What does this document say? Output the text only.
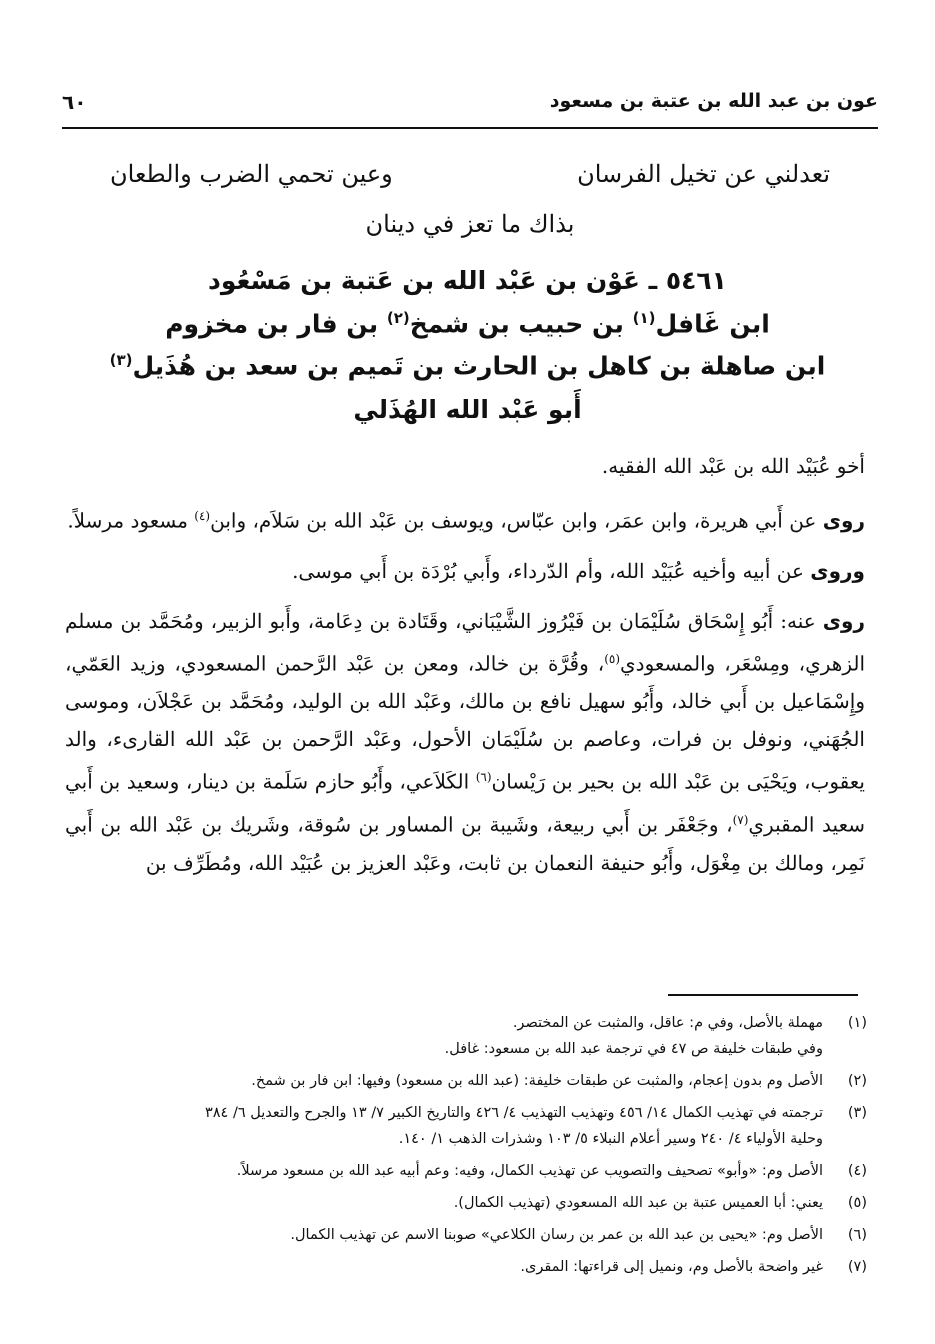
٦٠	عون بن عبد الله بن عتبة بن مسعود
تعدلني عن تخيل الفرسان
وعين تحمي الضرب والطعان
بذاك ما تعز في دينان
٥٤٦١ ـ عَوْن بن عَبْد الله بن عَتبة بن مَسْعُود
ابن غَافل$^{(١)}$ بن حبيب بن شمخ$^{(٢)}$ بن فار بن مخزوم
ابن صاهلة بن كاهل بن الحارث بن تَميم بن سعد بن هُذَيل$^{(٣)}$
أَبو عَبْد الله الهُذَلي

أخو عُبَيْد الله بن عَبْد الله الفقيه.

روى عن أَبي هريرة، وابن عمَر، وابن عبّاس، ويوسف بن عَبْد الله بن سَلاَم، وابن$^{(٤)}$ مسعود مرسلاً.

وروى عن أبيه وأخيه عُبَيْد الله، وأم الدّرداء، وأَبي بُرْدَة بن أَبي موسى.

روى عنه: أَبُو إِسْحَاق سُلَيْمَان بن فَيْرُوز الشَّيْبَاني، وقَتَادة بن دِعَامة، وأَبو الزبير، ومُحَمَّد بن مسلم الزهري، ومِسْعَر، والمسعودي$^{(٥)}$، وقُرَّة بن خالد، ومعن بن عَبْد الرَّحمن المسعودي، وزيد العَمّي، وإِسْمَاعيل بن أَبي خالد، وأَبُو سهيل نافع بن مالك، وعَبْد الله بن الوليد، ومُحَمَّد بن عَجْلاَن، وموسى الجُهَني، ونوفل بن فرات، وعاصم بن سُلَيْمَان الأحول، وعَبْد الرَّحمن بن عَبْد الله القارىء، والد يعقوب، ويَحْيَى بن عَبْد الله بن بحير بن رَيْسان$^{(٦)}$ الكَلاَعي، وأَبُو حازم سَلَمة بن دينار، وسعيد بن أَبي سعيد المقبري$^{(٧)}$، وجَعْفَر بن أَبي ربيعة، وشَيبة بن المساور بن سُوقة، وشَريك بن عَبْد الله بن أَبي نَمِر، ومالك بن مِغْوَل، وأَبُو حنيفة النعمان بن ثابت، وعَبْد العزيز بن عُبَيْد الله، ومُطَرِّف بن

(١)
مهملة بالأصل، وفي م: عاقل، والمثبت عن المختصر.
وفي طبقات خليفة ص ٤٧ في ترجمة عبد الله بن مسعود: غافل.
(٢)
الأصل وم بدون إعجام، والمثبت عن طبقات خليفة: (عبد الله بن مسعود) وفيها: ابن فار بن شمخ.
(٣)
ترجمته في تهذيب الكمال ١٤/ ٤٥٦ وتهذيب التهذيب ٤/ ٤٢٦ والتاريخ الكبير ٧/ ١٣ والجرح والتعديل ٦/ ٣٨٤
وحلية الأولياء ٤/ ٢٤٠ وسير أعلام النبلاء ٥/ ١٠٣ وشذرات الذهب ١/ ١٤٠.
(٤)
الأصل وم: «وأبو» تصحيف والتصويب عن تهذيب الكمال، وفيه: وعم أبيه عبد الله بن مسعود مرسلاً.
(٥)
يعني: أبا العميس عتبة بن عبد الله المسعودي (تهذيب الكمال).
(٦)
الأصل وم: «يحيى بن عبد الله بن عمر بن رسان الكلاعي» صوبنا الاسم عن تهذيب الكمال.
(٧)
غير واضحة بالأصل وم، ونميل إلى قراءتها: المقرى.
